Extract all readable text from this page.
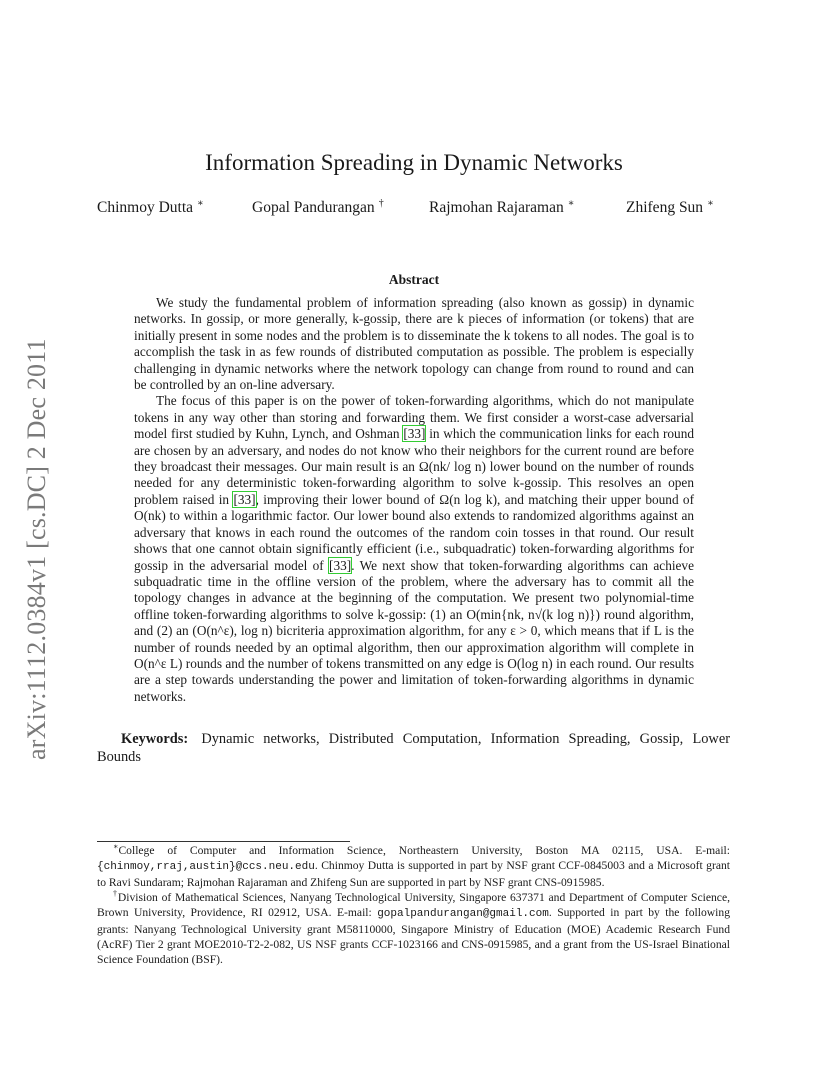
arXiv:1112.0384v1 [cs.DC] 2 Dec 2011
Information Spreading in Dynamic Networks
Chinmoy Dutta ∗	Gopal Pandurangan †	Rajmohan Rajaraman ∗	Zhifeng Sun ∗
Abstract

We study the fundamental problem of information spreading (also known as gossip) in dynamic networks. In gossip, or more generally, k-gossip, there are k pieces of information (or tokens) that are initially present in some nodes and the problem is to disseminate the k tokens to all nodes. The goal is to accomplish the task in as few rounds of distributed computation as possible. The problem is especially challenging in dynamic networks where the network topology can change from round to round and can be controlled by an on-line adversary.

The focus of this paper is on the power of token-forwarding algorithms, which do not manipulate tokens in any way other than storing and forwarding them. We first consider a worst-case adversarial model first studied by Kuhn, Lynch, and Oshman [33] in which the communication links for each round are chosen by an adversary, and nodes do not know who their neighbors for the current round are before they broadcast their messages. Our main result is an Ω(nk/ log n) lower bound on the number of rounds needed for any deterministic token-forwarding algorithm to solve k-gossip. This resolves an open problem raised in [33], improving their lower bound of Ω(n log k), and matching their upper bound of O(nk) to within a logarithmic factor. Our lower bound also extends to randomized algorithms against an adversary that knows in each round the outcomes of the random coin tosses in that round. Our result shows that one cannot obtain significantly efficient (i.e., subquadratic) token-forwarding algorithms for gossip in the adversarial model of [33]. We next show that token-forwarding algorithms can achieve subquadratic time in the offline version of the problem, where the adversary has to commit all the topology changes in advance at the beginning of the computation. We present two polynomial-time offline token-forwarding algorithms to solve k-gossip: (1) an O(min{nk, n√(k log n)}) round algorithm, and (2) an (O(n^ε), log n) bicriteria approximation algorithm, for any ε > 0, which means that if L is the number of rounds needed by an optimal algorithm, then our approximation algorithm will complete in O(n^ε L) rounds and the number of tokens transmitted on any edge is O(log n) in each round. Our results are a step towards understanding the power and limitation of token-forwarding algorithms in dynamic networks.

Keywords: Dynamic networks, Distributed Computation, Information Spreading, Gossip, Lower Bounds

∗College of Computer and Information Science, Northeastern University, Boston MA 02115, USA. E-mail: {chinmoy,rraj,austin}@ccs.neu.edu. Chinmoy Dutta is supported in part by NSF grant CCF-0845003 and a Microsoft grant to Ravi Sundaram; Rajmohan Rajaraman and Zhifeng Sun are supported in part by NSF grant CNS-0915985.

†Division of Mathematical Sciences, Nanyang Technological University, Singapore 637371 and Department of Computer Science, Brown University, Providence, RI 02912, USA. E-mail: gopalpandurangan@gmail.com. Supported in part by the following grants: Nanyang Technological University grant M58110000, Singapore Ministry of Education (MOE) Academic Research Fund (AcRF) Tier 2 grant MOE2010-T2-2-082, US NSF grants CCF-1023166 and CNS-0915985, and a grant from the US-Israel Binational Science Foundation (BSF).
